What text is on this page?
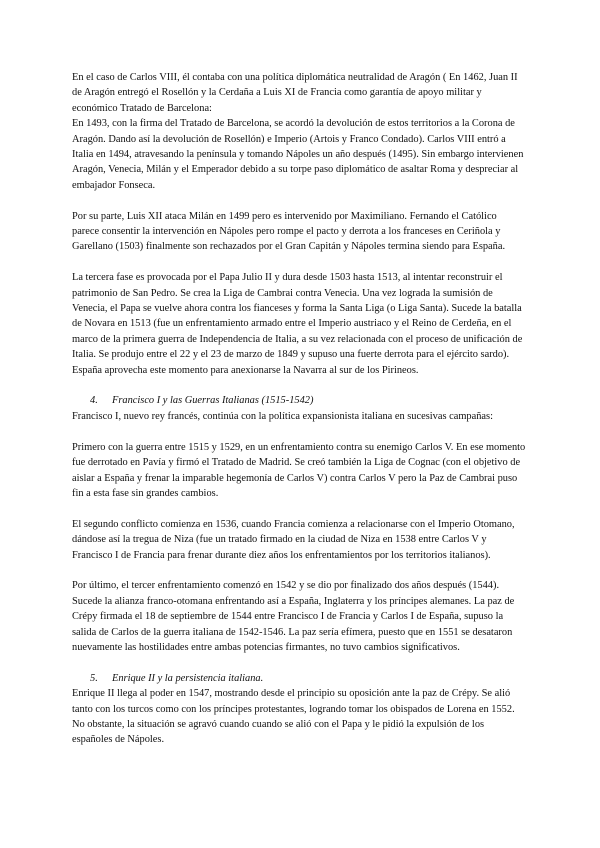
En el caso de Carlos VIII, él contaba con una política diplomática neutralidad de Aragón ( En 1462, Juan II de Aragón entregó el Rosellón y la Cerdaña a Luis XI de Francia como garantía de apoyo militar y económico Tratado de Barcelona:

En 1493, con la firma del Tratado de Barcelona, se acordó la devolución de estos territorios a la Corona de Aragón. Dando así la devolución de Rosellón) e Imperio (Artois y Franco Condado). Carlos VIII entró a Italia en 1494, atravesando la península y tomando Nápoles un año después (1495). Sin embargo intervienen Aragón, Venecia, Milán y el Emperador debido a su torpe paso diplomático de asaltar Roma y despreciar al embajador Fonseca.

Por su parte, Luis XII ataca Milán en 1499 pero es intervenido por Maximiliano. Fernando el Católico parece consentir la intervención en Nápoles pero rompe el pacto y derrota a los franceses en Ceriñola y Garellano (1503) finalmente son rechazados por el Gran Capitán y Nápoles termina siendo para España.

La tercera fase es provocada por el Papa Julio II y dura desde 1503 hasta 1513, al intentar reconstruir el patrimonio de San Pedro. Se crea la Liga de Cambrai contra Venecia. Una vez lograda la sumisión de Venecia, el Papa se vuelve ahora contra los fianceses y forma la Santa Liga (o Liga Santa). Sucede la batalla de Novara en 1513 (fue un enfrentamiento armado entre el Imperio austriaco y el Reino de Cerdeña, en el marco de la primera guerra de Independencia de Italia, a su vez relacionada con el proceso de unificación de Italia. Se produjo entre el 22 y el 23 de marzo de 1849 y supuso una fuerte derrota para el ejército sardo). España aprovecha este momento para anexionarse la Navarra al sur de los Pirineos.

4. Francisco I y las Guerras Italianas (1515-1542)

Francisco I, nuevo rey francés, continúa con la política expansionista italiana en sucesivas campañas:

Primero con la guerra entre 1515 y 1529, en un enfrentamiento contra su enemigo Carlos V. En ese momento fue derrotado en Pavía y firmó el Tratado de Madrid. Se creó también la Liga de Cognac (con el objetivo de aislar a España y frenar la imparable hegemonía de Carlos V) contra Carlos V pero la Paz de Cambrai puso fin a esta fase sin grandes cambios.

El segundo conflicto comienza en 1536, cuando Francia comienza a relacionarse con el Imperio Otomano, dándose así la tregua de Niza (fue un tratado firmado en la ciudad de Niza en 1538 entre Carlos V y Francisco I de Francia para frenar durante diez años los enfrentamientos por los territorios italianos).

Por último, el tercer enfrentamiento comenzó en 1542 y se dio por finalizado dos años después (1544). Sucede la alianza franco-otomana enfrentando así a España, Inglaterra y los príncipes alemanes. La paz de Crépy firmada el 18 de septiembre de 1544 entre Francisco I de Francia y Carlos I de España, supuso la salida de Carlos de la guerra italiana de 1542-1546. La paz sería efímera, puesto que en 1551 se desataron nuevamente las hostilidades entre ambas potencias firmantes, no tuvo cambios significativos.

5. Enrique II y la persistencia italiana.

Enrique II llega al poder en 1547, mostrando desde el principio su oposición ante la paz de Crépy. Se alió tanto con los turcos como con los príncipes protestantes, logrando tomar los obispados de Lorena en 1552. No obstante, la situación se agravó cuando cuando se alió con el Papa y le pidió la expulsión de los españoles de Nápoles.
